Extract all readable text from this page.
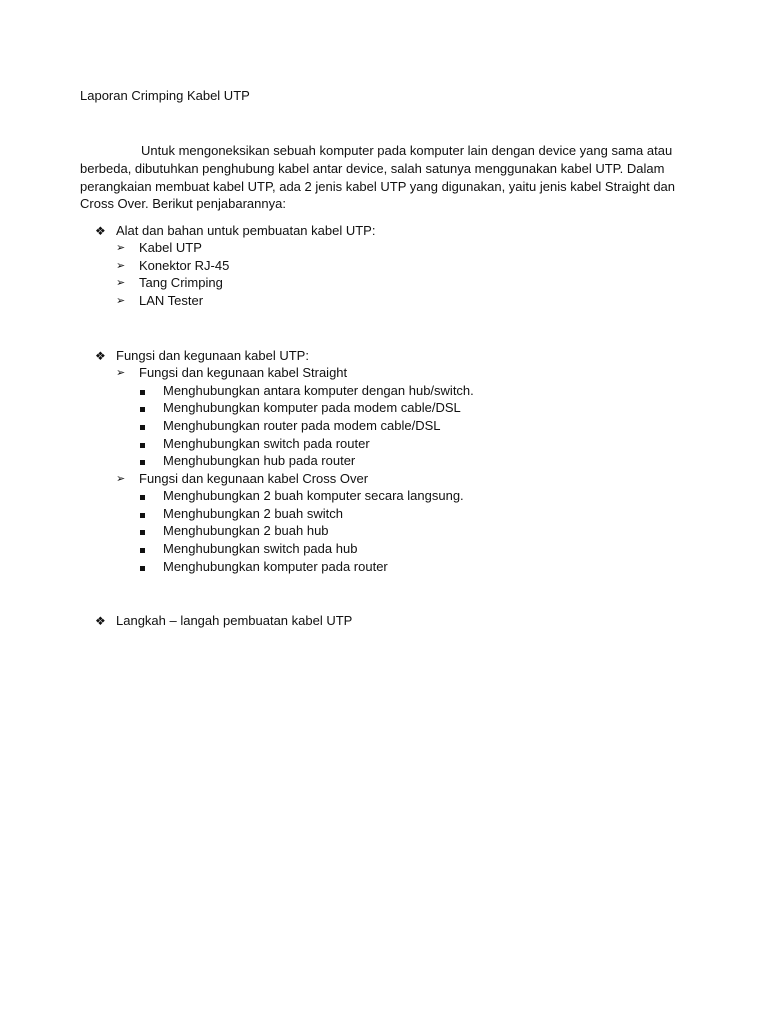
Laporan Crimping Kabel UTP

Untuk mengoneksikan sebuah komputer pada komputer lain dengan device yang sama atau berbeda, dibutuhkan penghubung kabel antar device, salah satunya menggunakan kabel UTP. Dalam perangkaian membuat kabel UTP, ada 2 jenis kabel UTP yang digunakan, yaitu jenis kabel Straight dan Cross Over. Berikut penjabarannya:

❖ Alat dan bahan untuk pembuatan kabel UTP:
➢	Kabel UTP
➢	Konektor RJ-45
➢	Tang Crimping
➢	LAN Tester
❖ Fungsi dan kegunaan kabel UTP:
➢	Fungsi dan kegunaan kabel Straight
Menghubungkan antara komputer dengan hub/switch.
Menghubungkan komputer pada modem cable/DSL
Menghubungkan router pada modem cable/DSL
Menghubungkan switch pada router
Menghubungkan hub pada router
➢	Fungsi dan kegunaan kabel Cross Over
Menghubungkan 2 buah komputer secara langsung.
Menghubungkan 2 buah switch
Menghubungkan 2 buah hub
Menghubungkan switch pada hub
Menghubungkan komputer pada router
❖ Langkah – langah pembuatan kabel UTP
